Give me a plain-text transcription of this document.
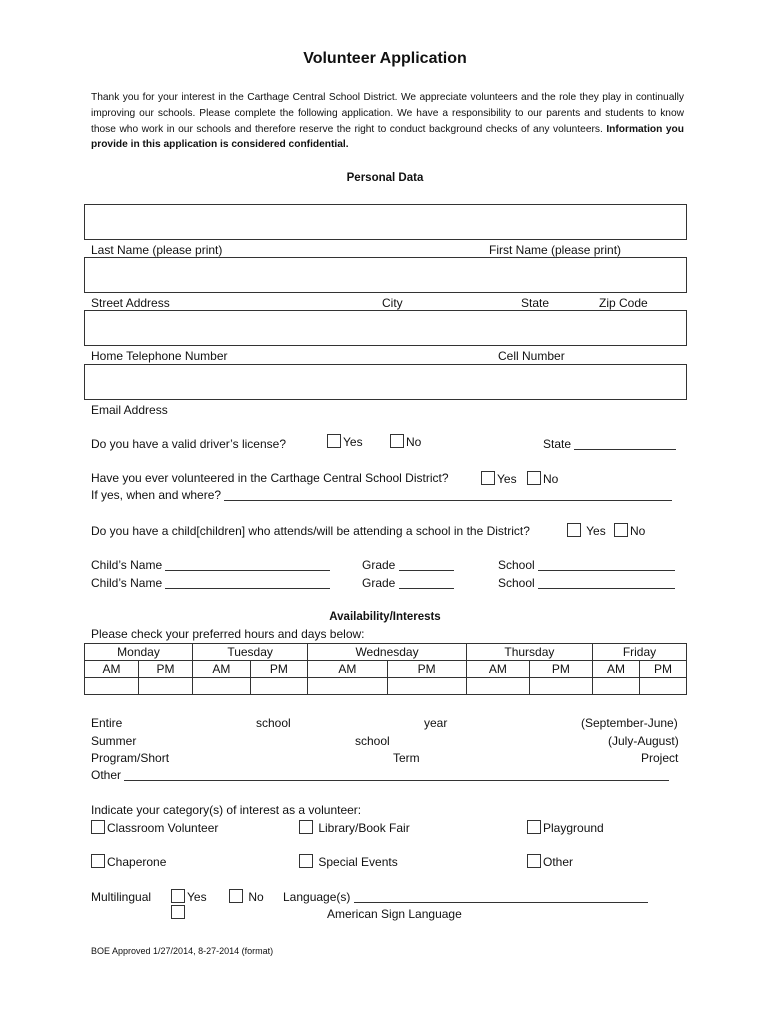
Volunteer Application
Thank you for your interest in the Carthage Central School District. We appreciate volunteers and the role they play in continually improving our schools. Please complete the following application. We have a responsibility to our parents and students to know those who work in our schools and therefore reserve the right to conduct background checks of any volunteers. Information you provide in this application is considered confidential.
Personal Data
Last Name (please print)	First Name (please print)
Street Address	City	State	Zip Code
Home Telephone Number	Cell Number
Email Address
Do you have a valid driver’s license?	Yes	No	State
Have you ever volunteered in the Carthage Central School District?	Yes	No
If yes, when and where?
Do you have a child[children] who attends/will be attending a school in the District?	Yes	No
Child’s Name	Grade	School
Child’s Name	Grade	School
Availability/Interests
Please check your preferred hours and days below:
Monday		Tuesday		Wednesday		Thursday		Friday	
AM	PM	AM	PM	AM	PM	AM	PM	AM	PM

Entire	school	year	(September-June)
Summer	school	(July-August)
Program/Short	Term	Project
Other
Indicate your category(s) of interest as a volunteer:
Classroom Volunteer	Library/Book Fair	Playground
Chaperone	Special Events	Other
Multilingual	Yes	No Language(s)
American Sign Language
BOE Approved 1/27/2014, 8-27-2014 (format)
